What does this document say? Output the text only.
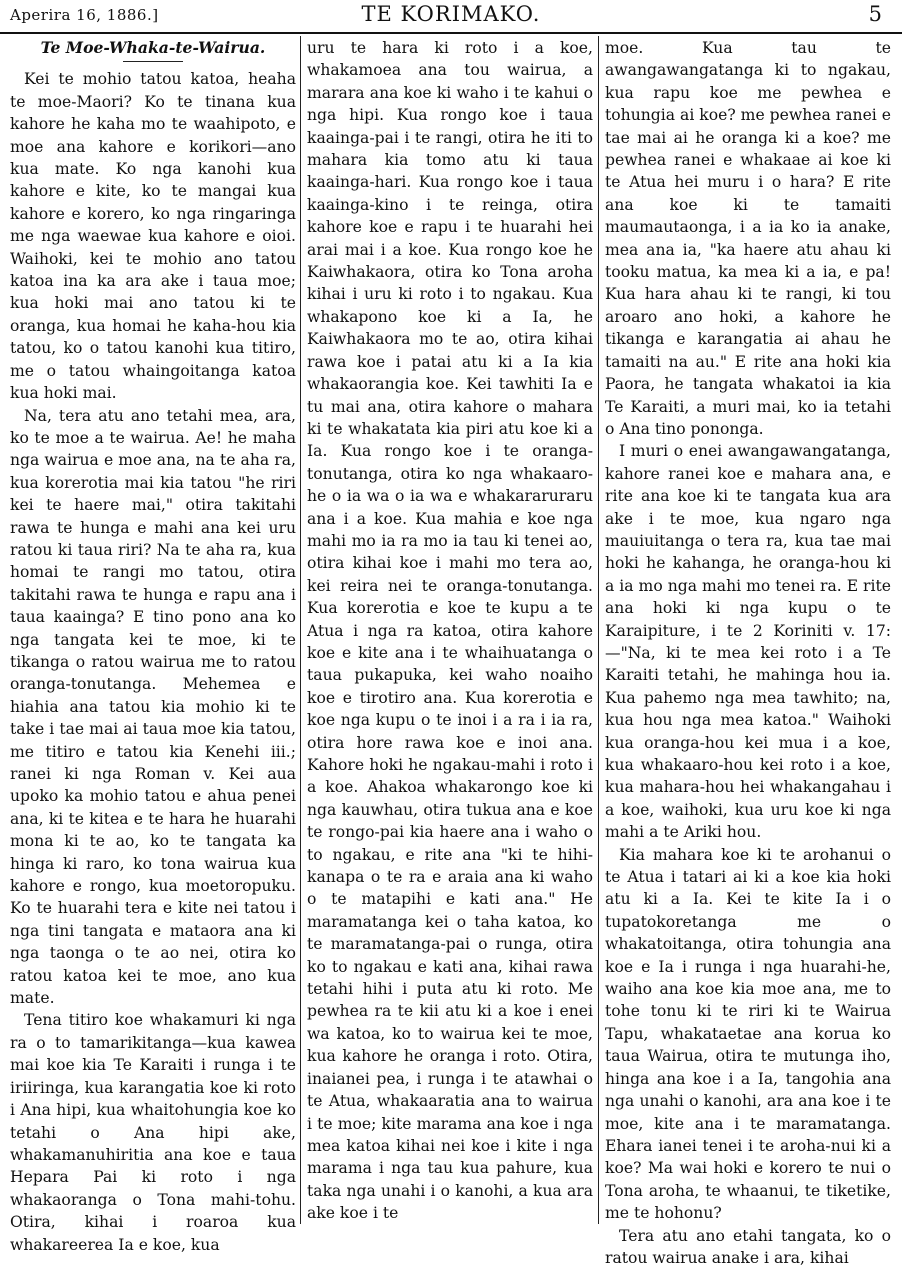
Aperira 16, 1886.]	TE KORIMAKO.	5

Te Moe-Whaka-te-Wairua.

Kei te mohio tatou katoa, heaha te moe-Maori? Ko te tinana kua kahore he kaha mo te waahipoto, e moe ana kahore e korikori—ano kua mate. Ko nga kanohi kua kahore e kite, ko te mangai kua kahore e korero, ko nga ringaringa me nga waewae kua kahore e oioi. Waihoki, kei te mohio ano tatou katoa ina ka ara ake i taua moe; kua hoki mai ano tatou ki te oranga, kua homai he kaha-hou kia tatou, ko o tatou kanohi kua titiro, me o tatou whaingoitanga katoa kua hoki mai.

Na, tera atu ano tetahi mea, ara, ko te moe a te wairua. Ae! he maha nga wairua e moe ana, na te aha ra, kua korerotia mai kia tatou "he riri kei te haere mai," otira takitahi rawa te hunga e mahi ana kei uru ratou ki taua riri? Na te aha ra, kua homai te rangi mo tatou, otira takitahi rawa te hunga e rapu ana i taua kaainga? E tino pono ana ko nga tangata kei te moe, ki te tikanga o ratou wairua me to ratou oranga-tonutanga. Mehemea e hiahia ana tatou kia mohio ki te take i tae mai ai taua moe kia tatou, me titiro e tatou kia Kenehi iii.; ranei ki nga Roman v. Kei aua upoko ka mohio tatou e ahua penei ana, ki te kitea e te hara he huarahi mona ki te ao, ko te tangata ka hinga ki raro, ko tona wairua kua kahore e rongo, kua moetoropuku. Ko te huarahi tera e kite nei tatou i nga tini tangata e mataora ana ki nga taonga o te ao nei, otira ko ratou katoa kei te moe, ano kua mate.

Tena titiro koe whakamuri ki nga ra o to tamarikitanga—kua kawea mai koe kia Te Karaiti i runga i te iriiringa, kua karangatia koe ki roto i Ana hipi, kua whaitohungia koe ko tetahi o Ana hipi ake, whakamanuhiritia ana koe e taua Hepara Pai ki roto i nga whakaoranga o Tona mahi-tohu. Otira, kihai i roaroa kua whakareerea Ia e koe, kua

uru te hara ki roto i a koe, whakamoea ana tou wairua, a marara ana koe ki waho i te kahui o nga hipi. Kua rongo koe i taua kaainga-pai i te rangi, otira he iti to mahara kia tomo atu ki taua kaainga-hari. Kua rongo koe i taua kaainga-kino i te reinga, otira kahore koe e rapu i te huarahi hei arai mai i a koe. Kua rongo koe he Kaiwhakaora, otira ko Tona aroha kihai i uru ki roto i to ngakau. Kua whakapono koe ki a Ia, he Kaiwhakaora mo te ao, otira kihai rawa koe i patai atu ki a Ia kia whakaorangia koe. Kei tawhiti Ia e tu mai ana, otira kahore o mahara ki te whakatata kia piri atu koe ki a Ia. Kua rongo koe i te oranga-tonutanga, otira ko nga whakaaro-he o ia wa o ia wa e whakararuraru ana i a koe. Kua mahia e koe nga mahi mo ia ra mo ia tau ki tenei ao, otira kihai koe i mahi mo tera ao, kei reira nei te oranga-tonutanga. Kua korerotia e koe te kupu a te Atua i nga ra katoa, otira kahore koe e kite ana i te whaihuatanga o taua pukapuka, kei waho noaiho koe e tirotiro ana. Kua korerotia e koe nga kupu o te inoi i a ra i ia ra, otira hore rawa koe e inoi ana. Kahore hoki he ngakau-mahi i roto i a koe. Ahakoa whakarongo koe ki nga kauwhau, otira tukua ana e koe te rongo-pai kia haere ana i waho o to ngakau, e rite ana "ki te hihi-kanapa o te ra e araia ana ki waho o te matapihi e kati ana." He maramatanga kei o taha katoa, ko te maramatanga-pai o runga, otira ko to ngakau e kati ana, kihai rawa tetahi hihi i puta atu ki roto. Me pewhea ra te kii atu ki a koe i enei wa katoa, ko to wairua kei te moe, kua kahore he oranga i roto. Otira, inaianei pea, i runga i te atawhai o te Atua, whakaaratia ana to wairua i te moe; kite marama ana koe i nga mea katoa kihai nei koe i kite i nga marama i nga tau kua pahure, kua taka nga unahi i o kanohi, a kua ara ake koe i te

moe. Kua tau te awangawangatanga ki to ngakau, kua rapu koe me pewhea e tohungia ai koe? me pewhea ranei e tae mai ai he oranga ki a koe? me pewhea ranei e whakaae ai koe ki te Atua hei muru i o hara? E rite ana koe ki te tamaiti maumautaonga, i a ia ko ia anake, mea ana ia, "ka haere atu ahau ki tooku matua, ka mea ki a ia, e pa! Kua hara ahau ki te rangi, ki tou aroaro ano hoki, a kahore he tikanga e karangatia ai ahau he tamaiti na au." E rite ana hoki kia Paora, he tangata whakatoi ia kia Te Karaiti, a muri mai, ko ia tetahi o Ana tino pononga.

I muri o enei awangawangatanga, kahore ranei koe e mahara ana, e rite ana koe ki te tangata kua ara ake i te moe, kua ngaro nga mauiuitanga o tera ra, kua tae mai hoki he kahanga, he oranga-hou ki a ia mo nga mahi mo tenei ra. E rite ana hoki ki nga kupu o te Karaipiture, i te 2 Koriniti v. 17:—"Na, ki te mea kei roto i a Te Karaiti tetahi, he mahinga hou ia. Kua pahemo nga mea tawhito; na, kua hou nga mea katoa." Waihoki kua oranga-hou kei mua i a koe, kua whakaaro-hou kei roto i a koe, kua mahara-hou hei whakangahau i a koe, waihoki, kua uru koe ki nga mahi a te Ariki hou.

Kia mahara koe ki te arohanui o te Atua i tatari ai ki a koe kia hoki atu ki a Ia. Kei te kite Ia i o tupatokoretanga me o whakatoitanga, otira tohungia ana koe e Ia i runga i nga huarahi-he, waiho ana koe kia moe ana, me to tohe tonu ki te riri ki te Wairua Tapu, whakataetae ana korua ko taua Wairua, otira te mutunga iho, hinga ana koe i a Ia, tangohia ana nga unahi o kanohi, ara ana koe i te moe, kite ana i te maramatanga. Ehara ianei tenei i te aroha-nui ki a koe? Ma wai hoki e korero te nui o Tona aroha, te whaanui, te tiketike, me te hohonu?

Tera atu ano etahi tangata, ko o ratou wairua anake i ara, kihai
